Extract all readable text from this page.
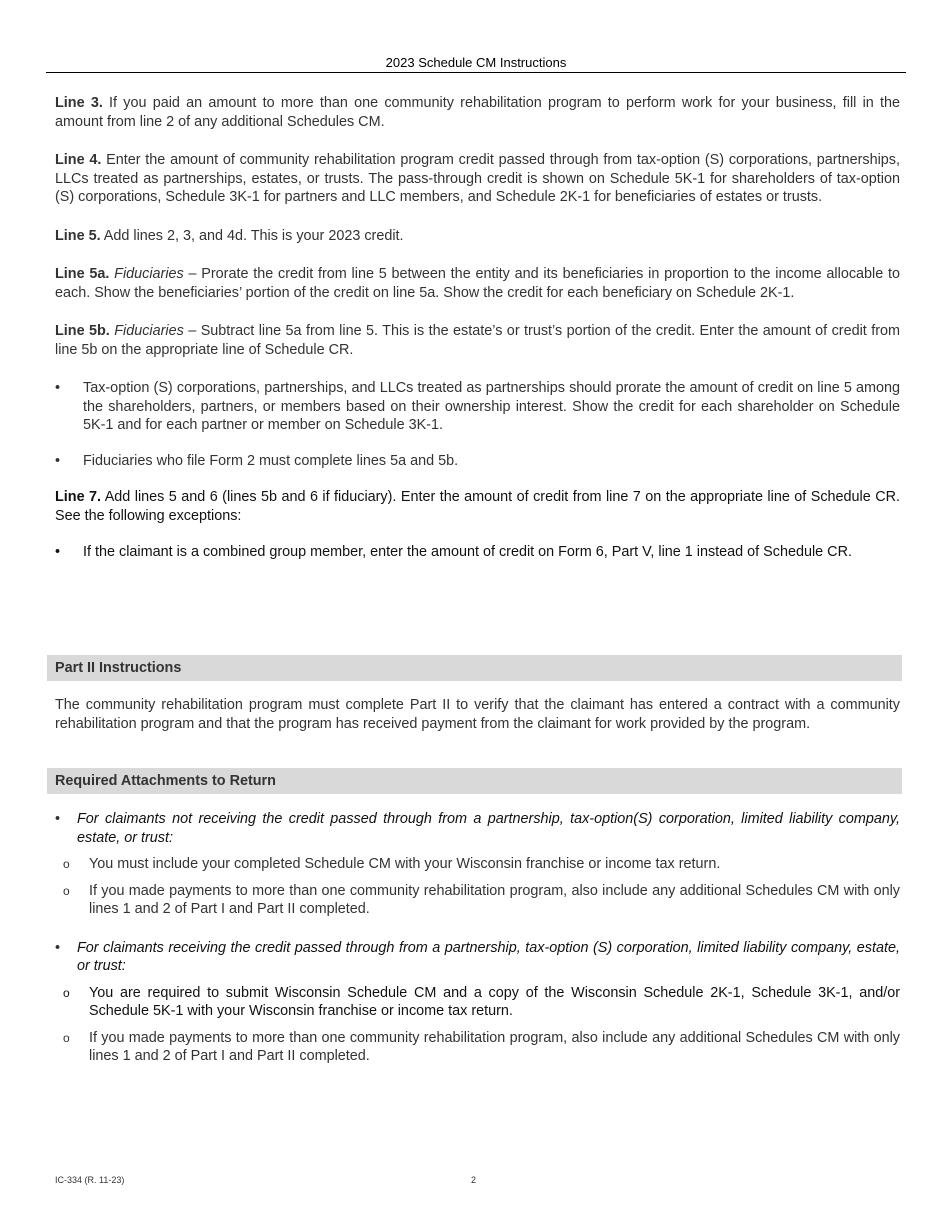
2023 Schedule CM Instructions

Line 3. If you paid an amount to more than one community rehabilitation program to perform work for your business, fill in the amount from line 2 of any additional Schedules CM.

Line 4. Enter the amount of community rehabilitation program credit passed through from tax-option (S) corporations, partnerships, LLCs treated as partnerships, estates, or trusts. The pass-through credit is shown on Schedule 5K-1 for shareholders of tax-option (S) corporations, Schedule 3K-1 for partners and LLC members, and Schedule 2K-1 for beneficiaries of estates or trusts.

Line 5. Add lines 2, 3, and 4d. This is your 2023 credit.

Line 5a. Fiduciaries – Prorate the credit from line 5 between the entity and its beneficiaries in proportion to the income allocable to each. Show the beneficiaries’ portion of the credit on line 5a. Show the credit for each beneficiary on Schedule 2K-1.

Line 5b. Fiduciaries – Subtract line 5a from line 5. This is the estate’s or trust’s portion of the credit. Enter the amount of credit from line 5b on the appropriate line of Schedule CR.

• Tax-option (S) corporations, partnerships, and LLCs treated as partnerships should prorate the amount of credit on line 5 among the shareholders, partners, or members based on their ownership interest. Show the credit for each shareholder on Schedule 5K-1 and for each partner or member on Schedule 3K-1.
• Fiduciaries who file Form 2 must complete lines 5a and 5b.

Line 7. Add lines 5 and 6 (lines 5b and 6 if fiduciary). Enter the amount of credit from line 7 on the appropriate line of Schedule CR. See the following exceptions:

• If the claimant is a combined group member, enter the amount of credit on Form 6, Part V, line 1 instead of Schedule CR.
Part II Instructions

The community rehabilitation program must complete Part II to verify that the claimant has entered a contract with a community rehabilitation program and that the program has received payment from the claimant for work provided by the program.

Required Attachments to Return
• For claimants not receiving the credit passed through from a partnership, tax-option(S) corporation, limited liability company, estate, or trust:
o You must include your completed Schedule CM with your Wisconsin franchise or income tax return.
o If you made payments to more than one community rehabilitation program, also include any additional Schedules CM with only lines 1 and 2 of Part I and Part II completed.
• For claimants receiving the credit passed through from a partnership, tax-option (S) corporation, limited liability company, estate, or trust:
o You are required to submit Wisconsin Schedule CM and a copy of the Wisconsin Schedule 2K-1, Schedule 3K-1, and/or Schedule 5K-1 with your Wisconsin franchise or income tax return.
o If you made payments to more than one community rehabilitation program, also include any additional Schedules CM with only lines 1 and 2 of Part I and Part II completed.
IC-334 (R. 11-23)	2
